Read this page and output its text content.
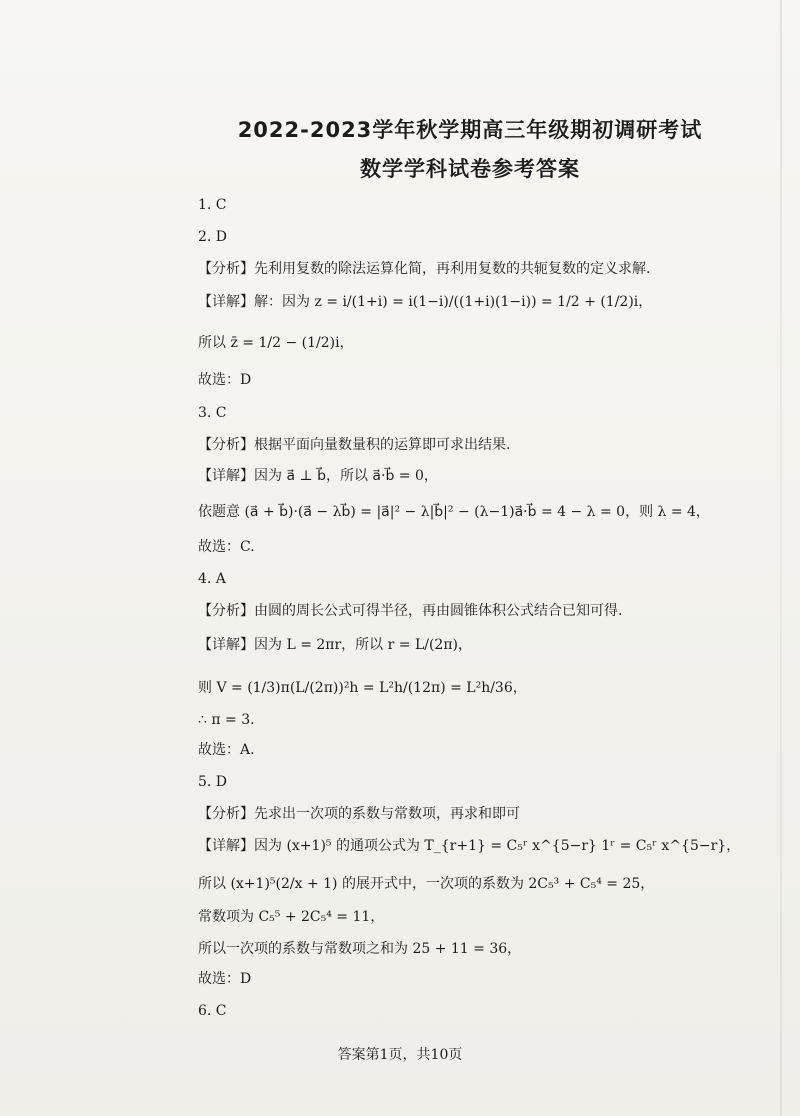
2022-2023学年秋学期高三年级期初调研考试
数学学科试卷参考答案
1. C
2. D
【分析】先利用复数的除法运算化简，再利用复数的共轭复数的定义求解.
【详解】解：因为 z = i/(1+i) = i(1−i)/((1+i)(1−i)) = 1/2 + (1/2)i，
所以 z̄ = 1/2 − (1/2)i，
故选：D
3. C
【分析】根据平面向量数量积的运算即可求出结果.
【详解】因为 a⃗ ⊥ b⃗，所以 a⃗·b⃗ = 0，
依题意 (a⃗ + b⃗)·(a⃗ − λb⃗) = |a⃗|² − λ|b⃗|² − (λ−1)a⃗·b⃗ = 4 − λ = 0，则 λ = 4，
故选：C.
4. A
【分析】由圆的周长公式可得半径，再由圆锥体积公式结合已知可得.
【详解】因为 L = 2πr，所以 r = L/(2π)，
则 V = (1/3)π(L/(2π))²h = L²h/(12π) = L²h/36，
∴ π = 3.
故选：A.
5. D
【分析】先求出一次项的系数与常数项，再求和即可
【详解】因为 (x+1)⁵ 的通项公式为 T_{r+1} = C₅ʳ x^{5−r} 1ʳ = C₅ʳ x^{5−r}，
所以 (x+1)⁵(2/x + 1) 的展开式中，一次项的系数为 2C₅³ + C₅⁴ = 25，
常数项为 C₅⁵ + 2C₅⁴ = 11，
所以一次项的系数与常数项之和为 25 + 11 = 36，
故选：D
6. C
答案第1页，共10页
